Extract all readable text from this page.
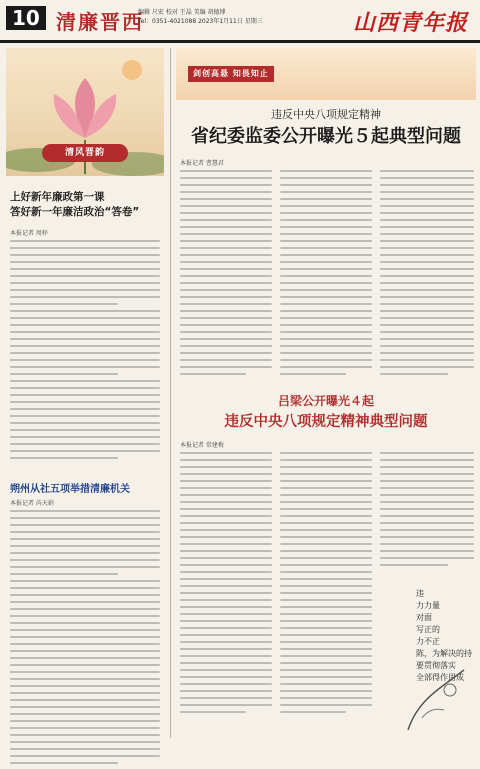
10 清廉晋西
编辑 尺宏 校对 王晶 美编 胡德博
Tel：0351-4021088 2023年1月11日 星期三	山西青年报
清风晋韵
上好新年廉政第一课
答好新一年廉洁政治“答卷”
本报记者 周梓
朔州从社五项举措清廉机关
本报记者 芮天娟
剑创高悬 知畏知止
违反中央八项规定精神
省纪委监委公开曝光５起典型问题
本报记者 曹慧君
吕梁公开曝光４起
违反中央八项规定精神典型问题
本报记者 常建梅
违
力力量
对面
写正的
力不正
陈，为解决的持
要贯彻落实
全部得作用成
